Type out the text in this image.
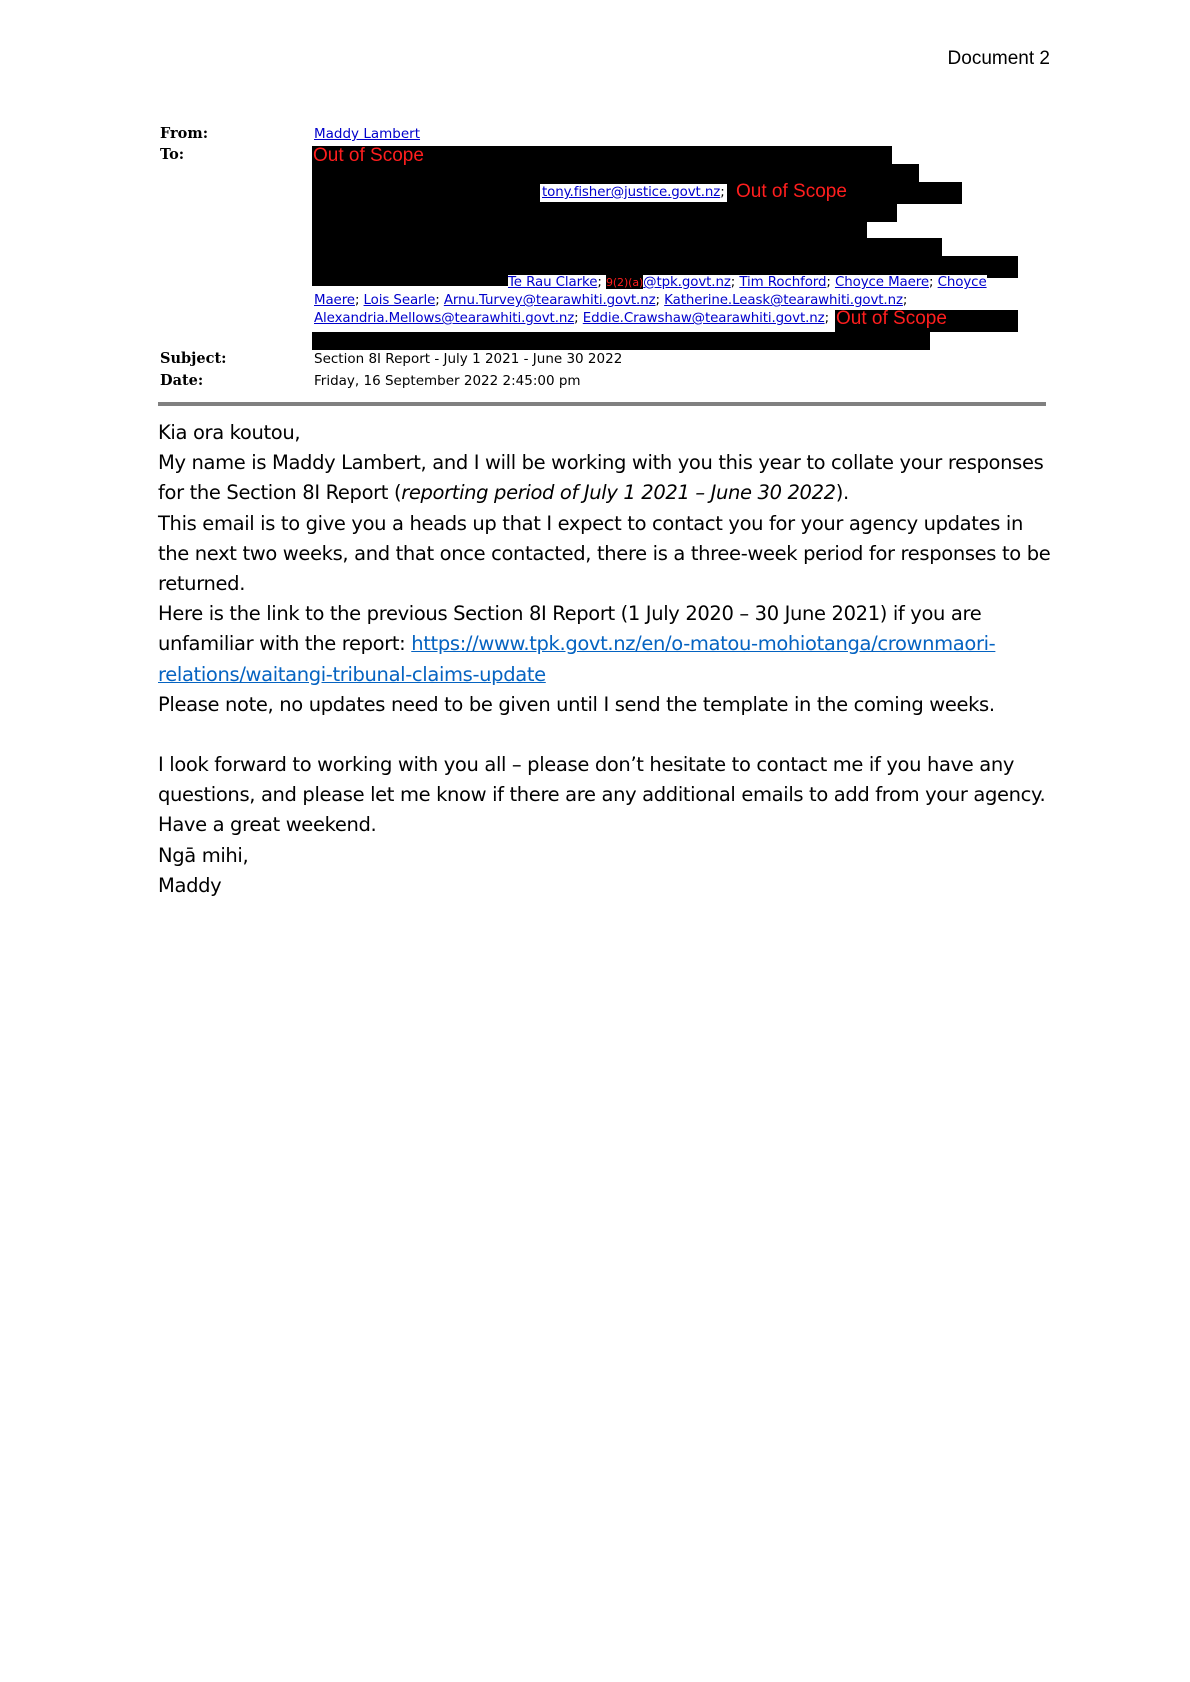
Document 2
From:	Maddy Lambert
To:	Out of Scope
tony.fisher@justice.govt.nz; Out of Scope
Te Rau Clarke; 9(2)(a)@tpk.govt.nz; Tim Rochford; Choyce Maere; Choyce
Maere; Lois Searle; Arnu.Turvey@tearawhiti.govt.nz; Katherine.Leask@tearawhiti.govt.nz;
Alexandria.Mellows@tearawhiti.govt.nz; Eddie.Crawshaw@tearawhiti.govt.nz; Out of Scope
Subject:	Section 8I Report - July 1 2021 - June 30 2022
Date:	Friday, 16 September 2022 2:45:00 pm

Kia ora koutou,

My name is Maddy Lambert, and I will be working with you this year to collate your responses for the Section 8I Report (reporting period of July 1 2021 – June 30 2022).

This email is to give you a heads up that I expect to contact you for your agency updates in the next two weeks, and that once contacted, there is a three-week period for responses to be returned.

Here is the link to the previous Section 8I Report (1 July 2020 – 30 June 2021) if you are unfamiliar with the report: https://www.tpk.govt.nz/en/o-matou-mohiotanga/crownmaori-relations/waitangi-tribunal-claims-update

Please note, no updates need to be given until I send the template in the coming weeks.

I look forward to working with you all – please don’t hesitate to contact me if you have any questions, and please let me know if there are any additional emails to add from your agency.

Have a great weekend.

Ngā mihi,

Maddy
